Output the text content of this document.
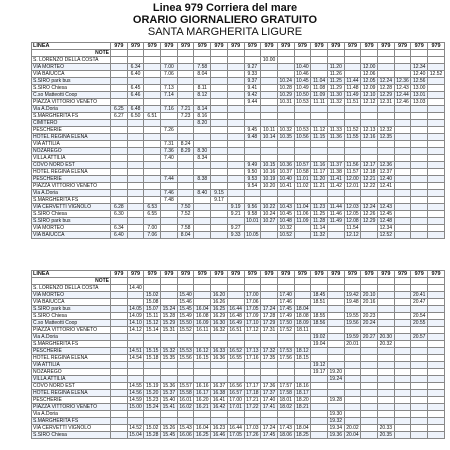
Linea 979 Corriera del mare
ORARIO GIORNALIERO GRATUITO
SANTA MARGHERITA LIGURE
LINEA	979	979	979	979	979	979	979	979	979	979	979	979	979	979	979	979	979	979	979	979
NOTE																				
S. LORENZO DELLA COSTA										10.00										
VIA MORTEO		6.34		7.00		7.58			9.27			10.40		11.20		12.00			12.34	
VIA BAIUCCA		6.40		7.06		8.04			9.33			10.46		11.26		12.06			12.40	12.52
S.SIRO park bus									9.37		10.24	10.45	11.04	11.25	11.44	12.05	12.24	12.36	12.56	
S.SIRO Chiesa		6.45		7.13		8.11			9.41		10.28	10.49	11.08	11.29	11.48	12.09	12.28	12.43	13.00	
C.so Matteotti Coop		6.46		7.14		8.12			9.42		10.29	10.50	11.09	11.30	11.49	12.10	12.29	12.44	13.01	
PIAZZA VITTORIO VENETO									9.44		10.31	10.53	11.11	11.32	11.51	12.12	12.31	12.46	13.03	
Via A.Doria	6.25	6.48		7.16	7.21	8.14														
S.MARGHERITA FS	6.27	6.50	6.51		7.23	8.16														
CIMITERO						8.20														
PESCHERIE				7.26					9.45	10.11	10.32	10.53	11.12	11.33	11.52	12.13	12.32			
HOTEL REGINA ELENA									9.48	10.14	10.35	10.56	11.15	11.36	11.55	12.16	12.35			
VIA ATTILIA				7.31	8.24															
NOZAREGO				7.36	8.29	8.30														
VILLA ATTILIA				7.40		8.34														
COVO NORD EST									9.49	10.15	10.36	10.57	11.16	11.37	11.56	12.17	12.36			
HOTEL REGINA ELENA									9.50	10.16	10.37	10.58	11.17	11.38	11.57	12.18	12.37			
PESCHERIE				7.44		8.38			9.53	10.19	10.40	11.01	11.20	11.41	12.00	12.21	12.40			
PIAZZA VITTORIO VENETO									9.54	10.20	10.41	11.02	11.21	11.42	12.01	12.22	12.41			
Via A.Doria				7.46		8.40	9.15													
S.MARGHERITA FS				7.48			9.17													
VIA CERVETTI VIGNOLO	6.28		6.53		7.50			9.19	9.56	10.22	10.43	11.04	11.23	11.44	12.03	12.24	12.43			
S.SIRO Chiesa	6.30		6.55		7.52			9.21	9.58	10.24	10.45	11.06	11.25	11.46	12.05	12.26	12.45			
S.SIRO park bus									10.01	10.27	10.48	11.09	11.28	11.49	12.08	12.29	12.48			
VIA MORTEO	6.34		7.00		7.58			9.27			10.32		11.14		11.54		12.34			
VIA BAIUCCA	6.40		7.06		8.04			9.33	10.05		10.52		11.32		12.12		12.52			
LINEA	979	979	979	979	979	979	979	979	979	979	979	979	979	979	979	979	979	979	979	979
NOTE																				
S. LORENZO DELLA COSTA		14.40																		
VIA MORTEO			15.02		15.40		16.20		17.00		17.40		18.45		19.42	20.10			20.41	
VIA BAIUCCA			15.08		15.46		16.26		17.06		17.46		18.51		19.48	20.16			20.47	
S.SIRO park bus		14.05	15.07	15.24	15.45	16.04	16.25	16.44	17.05	17.24	17.45	18.04								
S.SIRO Chiesa		14.09	15.11	15.28	15.49	16.08	16.29	16.48	17.09	17.28	17.49	18.08	18.55		19.55	20.23			20.54	
C.so Matteotti Coop		14.10	15.12	15.29	15.50	16.09	16.30	16.49	17.10	17.29	17.50	18.09	18.56		19.56	20.24			20.55	
PIAZZA VITTORIO VENETO		14.12	15.14	15.31	15.52	16.11	16.32	16.51	17.12	17.31	17.52	18.11								
Via A.Doria													19.02		19.59	20.27	20.30		20.57	
S.MARGHERITA FS													19.04		20.01		20.32			
PESCHERIE		14.51	15.15	15.32	15.53	16.12	16.33	16.52	17.13	17.32	17.53	18.12								
HOTEL REGINA ELENA		14.54	15.18	15.35	15.56	16.15	16.36	16.55	17.16	17.35	17.56	18.15								
VIA ATTILIA													19.12							
NOZAREGO													19.17	19.20						
VILLA ATTILIA														19.24						
COVO NORD EST		14.55	15.19	15.36	15.57	16.16	16.37	16.56	17.17	17.36	17.57	18.16								
HOTEL REGINA ELENA		14.56	15.20	15.37	15.58	16.17	16.38	16.57	17.18	17.37	17.58	18.17								
PESCHERIE		14.59	15.23	15.40	16.01	16.20	16.41	17.00	17.21	17.40	18.01	18.20		19.28						
PIAZZA VITTORIO VENETO		15.00	15.24	15.41	16.02	16.21	16.42	17.01	17.22	17.41	18.02	18.21								
Via A.Doria														19.30						
S.MARGHERITA FS														19.32						
VIA CERVETTI VIGNOLO		14.52	15.02	15.26	15.43	16.04	16.23	16.44	17.03	17.24	17.43	18.04		19.34	20.02		20.33			
S.SIRO Chiesa		15.04	15.28	15.45	16.06	16.25	16.46	17.05	17.26	17.45	18.06	18.25		19.36	20.04		20.35			
